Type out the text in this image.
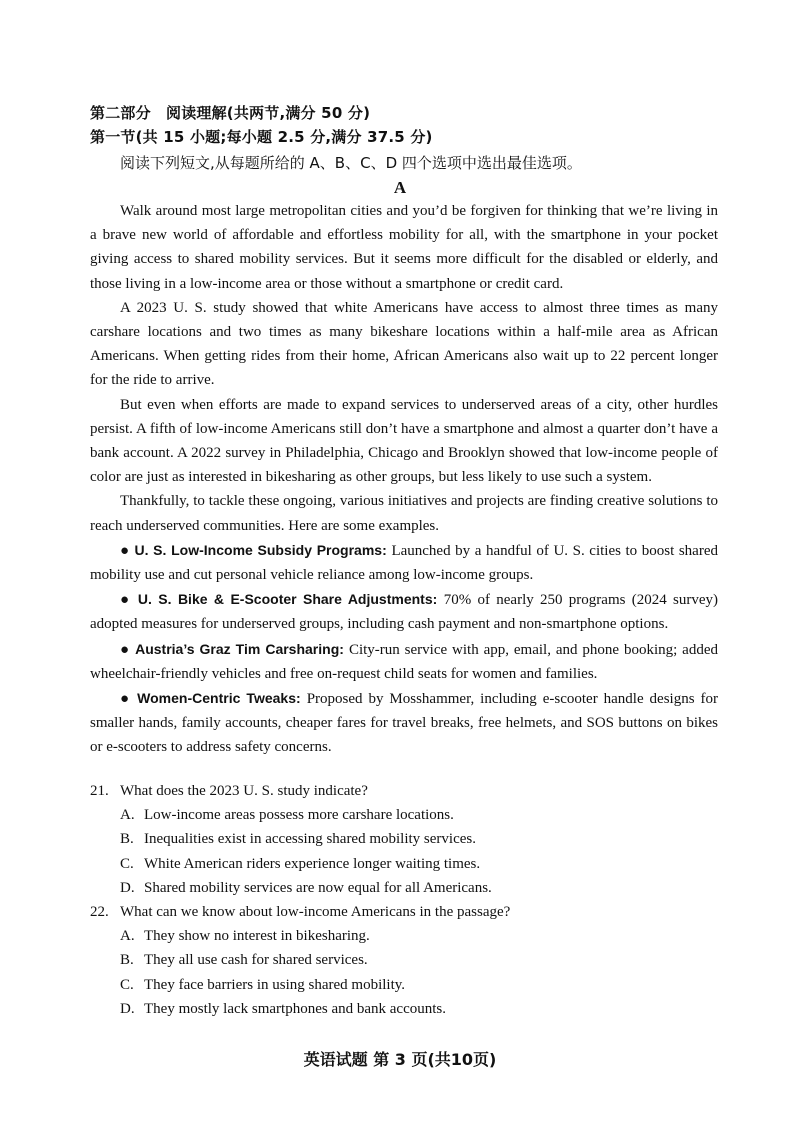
第二部分　阅读理解(共两节,满分 50 分)
第一节(共 15 小题;每小题 2.5 分,满分 37.5 分)
阅读下列短文,从每题所给的 A、B、C、D 四个选项中选出最佳选项。
A

Walk around most large metropolitan cities and you’d be forgiven for thinking that we’re living in a brave new world of affordable and effortless mobility for all, with the smartphone in your pocket giving access to shared mobility services. But it seems more difficult for the disabled or elderly, and those living in a low-income area or those without a smartphone or credit card.

A 2023 U. S. study showed that white Americans have access to almost three times as many carshare locations and two times as many bikeshare locations within a half-mile area as African Americans. When getting rides from their home, African Americans also wait up to 22 percent longer for the ride to arrive.

But even when efforts are made to expand services to underserved areas of a city, other hurdles persist. A fifth of low-income Americans still don’t have a smartphone and almost a quarter don’t have a bank account. A 2022 survey in Philadelphia, Chicago and Brooklyn showed that low-income people of color are just as interested in bikesharing as other groups, but less likely to use such a system.

Thankfully, to tackle these ongoing, various initiatives and projects are finding creative solutions to reach underserved communities. Here are some examples.

● U. S. Low-Income Subsidy Programs: Launched by a handful of U. S. cities to boost shared mobility use and cut personal vehicle reliance among low-income groups.

● U. S. Bike & E-Scooter Share Adjustments: 70% of nearly 250 programs (2024 survey) adopted measures for underserved groups, including cash payment and non-smartphone options.

● Austria’s Graz Tim Carsharing: City-run service with app, email, and phone booking; added wheelchair-friendly vehicles and free on-request child seats for women and families.

● Women-Centric Tweaks: Proposed by Mosshammer, including e-scooter handle designs for smaller hands, family accounts, cheaper fares for travel breaks, free helmets, and SOS buttons on bikes or e-scooters to address safety concerns.

21. What does the 2023 U. S. study indicate?

A. Low-income areas possess more carshare locations.

B. Inequalities exist in accessing shared mobility services.

C. White American riders experience longer waiting times.

D. Shared mobility services are now equal for all Americans.

22. What can we know about low-income Americans in the passage?

A. They show no interest in bikesharing.

B. They all use cash for shared services.

C. They face barriers in using shared mobility.

D. They mostly lack smartphones and bank accounts.

英语试题 第 3 页(共10页)
